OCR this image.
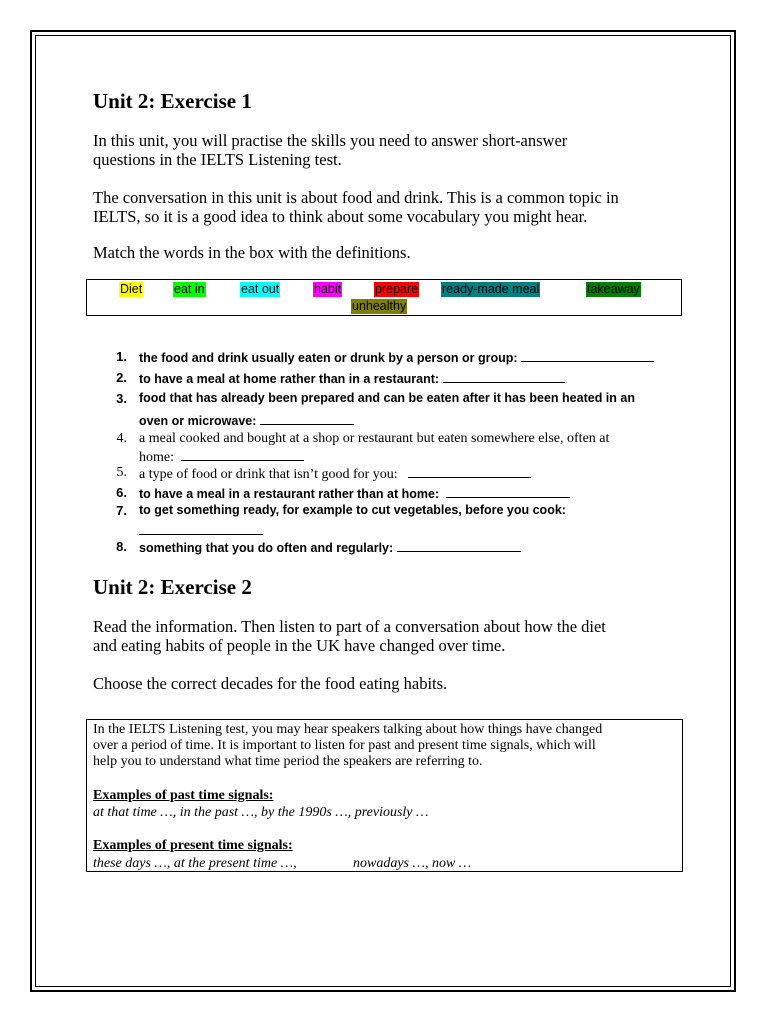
Unit 2: Exercise 1

In this unit, you will practise the skills you need to answer short-answer

questions in the IELTS Listening test.

The conversation in this unit is about food and drink. This is a common topic in

IELTS, so it is a good idea to think about some vocabulary you might hear.

Match the words in the box with the definitions.

Diet	eat in	eat out	habit	prepare ready-made meal	takeaway
unhealthy
1. the food and drink usually eaten or drunk by a person or group:
2. to have a meal at home rather than in a restaurant:
3. food that has already been prepared and can be eaten after it has been heated in an
oven or microwave:
4. a meal cooked and bought at a shop or restaurant but eaten somewhere else, often at
home:
5. a type of food or drink that isn’t good for you:
6. to have a meal in a restaurant rather than at home:
7. to get something ready, for example to cut vegetables, before you cook:
8. something that you do often and regularly:
Unit 2: Exercise 2

Read the information. Then listen to part of a conversation about how the diet

and eating habits of people in the UK have changed over time.

Choose the correct decades for the food eating habits.

In the IELTS Listening test, you may hear speakers talking about how things have changed
over a period of time. It is important to listen for past and present time signals, which will
help you to understand what time period the speakers are referring to.
Examples of past time signals:
at that time …, in the past …, by the 1990s …, previously …
Examples of present time signals:
these days …, at the present time …,	nowadays …, now …
